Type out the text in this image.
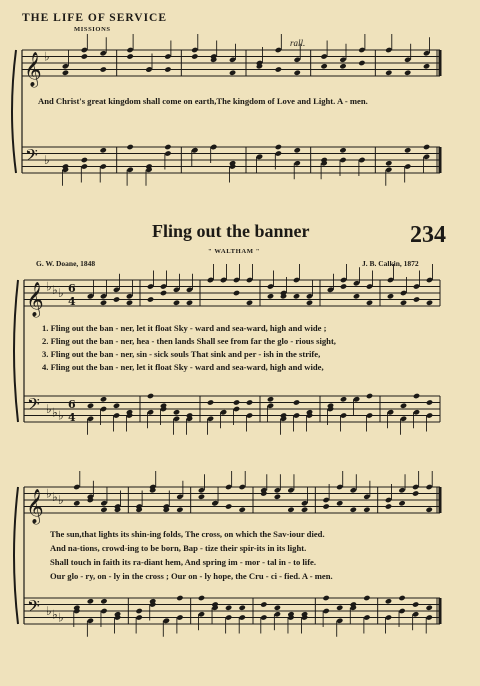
THE LIFE OF SERVICE
MISSIONS
rall.
𝄞
𝄢
♭
♭
𝄞
𝄢
♭ ♭ ♭
♭ ♭ ♭
6
4
6
4
𝄞
𝄢
♭ ♭ ♭
♭ ♭ ♭
And Christ's great kingdom shall come on earth,The kingdom of Love and Light. A - men.
Fling out the banner	234
" WALTHAM "
G. W. Doane, 1848	J. B. Calkin, 1872
1. Fling out the ban - ner, let it float Sky - ward and sea-ward, high and wide ;
2. Fling out the ban - ner, hea - then lands Shall see from far the glo - rious sight,
3. Fling out the ban - ner, sin - sick souls That sink and per - ish in the strife,
4. Fling out the ban - ner, let it float Sky - ward and sea-ward, high and wide,
The sun,that lights its shin-ing folds, The cross, on which the Sav-iour died.
And na-tions, crowd-ing to be born, Bap - tize their spir-its in its light.
Shall touch in faith its ra-diant hem, And spring im - mor - tal in - to life.
Our glo - ry, on - ly in the cross ; Our on - ly hope, the Cru - ci - fied. A - men.
